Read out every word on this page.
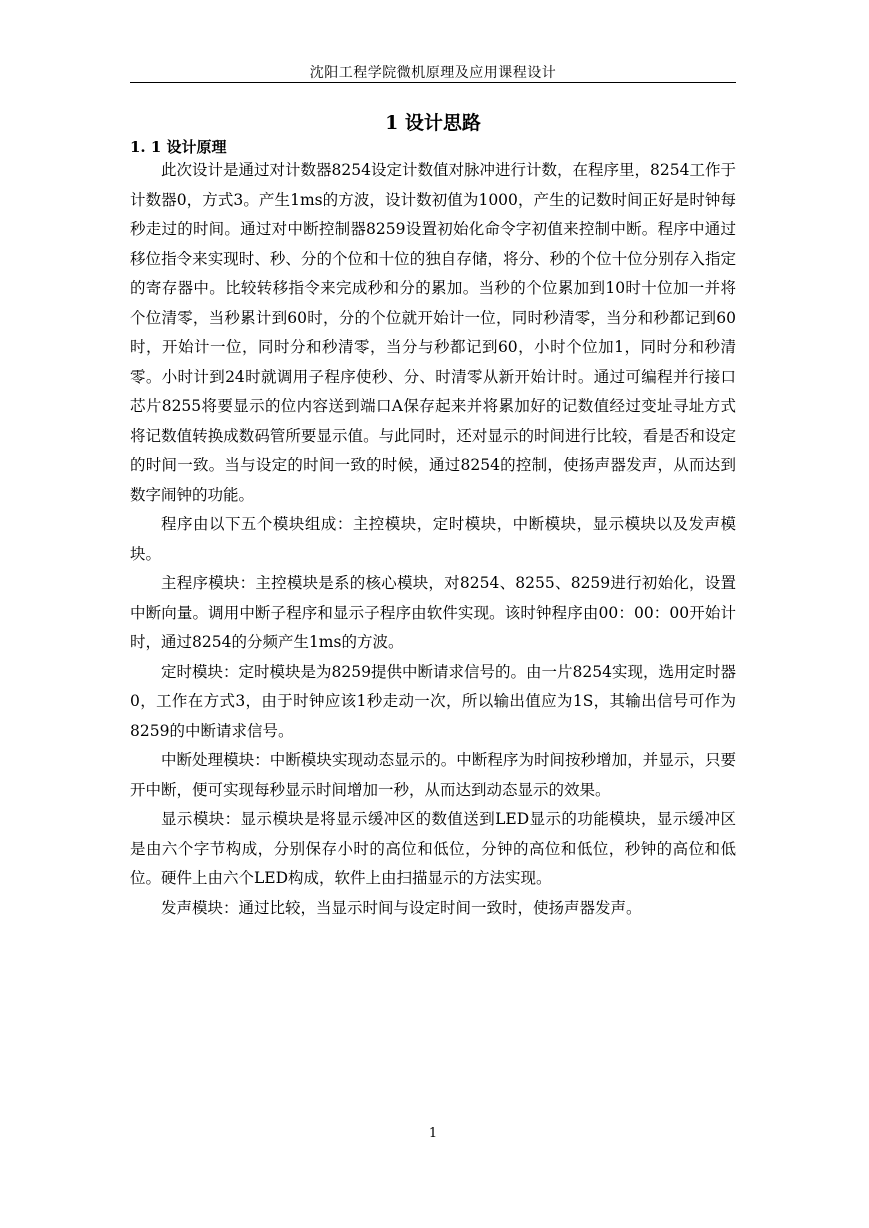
沈阳工程学院微机原理及应用课程设计
1 设计思路
1. 1 设计原理

此次设计是通过对计数器8254设定计数值对脉冲进行计数，在程序里，8254工作于计数器0，方式3。产生1ms的方波，设计数初值为1000，产生的记数时间正好是时钟每秒走过的时间。通过对中断控制器8259设置初始化命令字初值来控制中断。程序中通过移位指令来实现时、秒、分的个位和十位的独自存储，将分、秒的个位十位分别存入指定的寄存器中。比较转移指令来完成秒和分的累加。当秒的个位累加到10时十位加一并将个位清零，当秒累计到60时，分的个位就开始计一位，同时秒清零，当分和秒都记到60时，开始计一位，同时分和秒清零，当分与秒都记到60，小时个位加1，同时分和秒清零。小时计到24时就调用子程序使秒、分、时清零从新开始计时。通过可编程并行接口芯片8255将要显示的位内容送到端口A保存起来并将累加好的记数值经过变址寻址方式将记数值转换成数码管所要显示值。与此同时，还对显示的时间进行比较，看是否和设定的时间一致。当与设定的时间一致的时候，通过8254的控制，使扬声器发声，从而达到数字闹钟的功能。

程序由以下五个模块组成：主控模块，定时模块，中断模块，显示模块以及发声模块。

主程序模块：主控模块是系的核心模块，对8254、8255、8259进行初始化，设置中断向量。调用中断子程序和显示子程序由软件实现。该时钟程序由00：00：00开始计时，通过8254的分频产生1ms的方波。

定时模块：定时模块是为8259提供中断请求信号的。由一片8254实现，选用定时器0，工作在方式3，由于时钟应该1秒走动一次，所以输出值应为1S，其输出信号可作为8259的中断请求信号。

中断处理模块：中断模块实现动态显示的。中断程序为时间按秒增加，并显示，只要开中断，便可实现每秒显示时间增加一秒，从而达到动态显示的效果。

显示模块：显示模块是将显示缓冲区的数值送到LED显示的功能模块，显示缓冲区是由六个字节构成，分别保存小时的高位和低位，分钟的高位和低位，秒钟的高位和低位。硬件上由六个LED构成，软件上由扫描显示的方法实现。

发声模块：通过比较，当显示时间与设定时间一致时，使扬声器发声。

1
